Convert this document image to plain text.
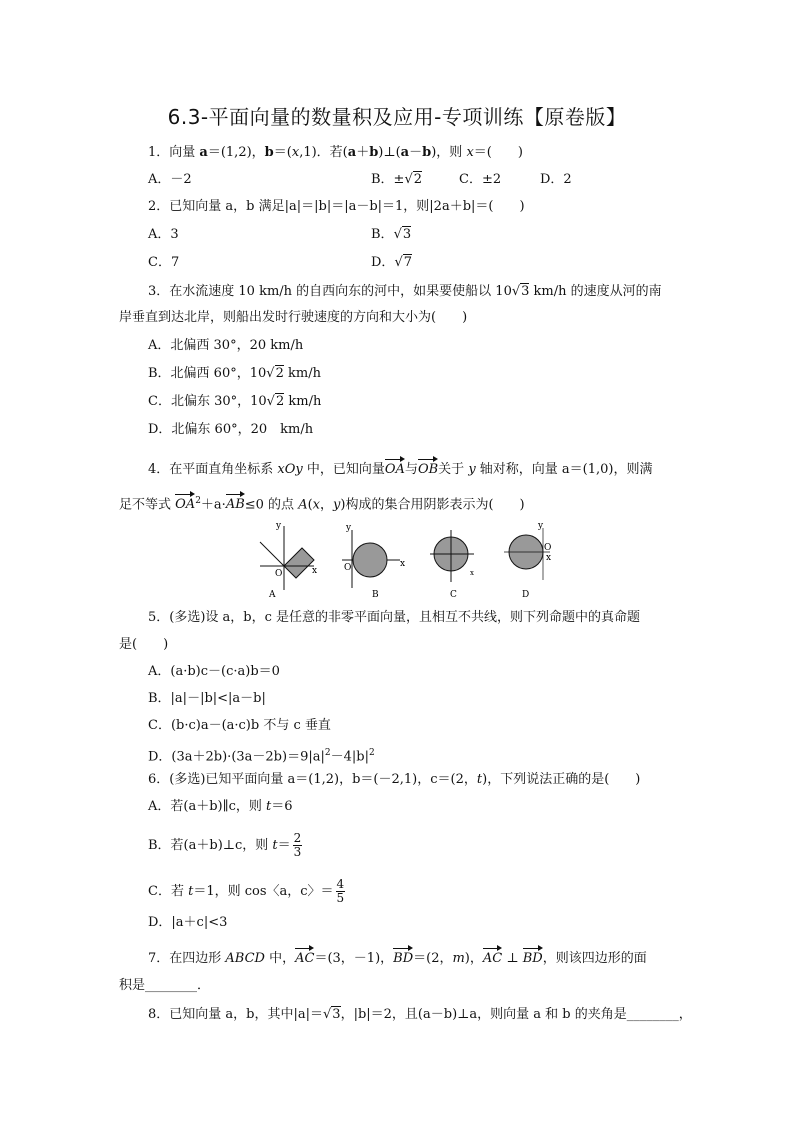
6.3-平面向量的数量积及应用-专项训练【原卷版】
1．向量 a＝(1,2)，b＝(x,1)．若(a＋b)⊥(a－b)，则 x＝(　　)
A．－2	B．±√2	C．±2	D．2
2．已知向量 a，b 满足|a|＝|b|＝|a－b|＝1，则|2a＋b|＝(　　)
A．3	B．√3
C．7	D．√7
3．在水流速度 10 km/h 的自西向东的河中，如果要使船以 10√3 km/h 的速度从河的南
岸垂直到达北岸，则船出发时行驶速度的方向和大小为(　　)
A．北偏西 30°，20 km/h
B．北偏西 60°，10√2 km/h
C．北偏东 30°，10√2 km/h
D．北偏东 60°，20　km/h
4．在平面直角坐标系 xOy 中，已知向量OA与OB关于 y 轴对称，向量 a＝(1,0)，则满
足不等式 $OA^2+a\cdot AB\le 0$ 的点 A(x，y)构成的集合用阴影表示为(　　)
y
x
O
A
y
x
O
B
x
C
y
O
x
D
5．(多选)设 a，b，c 是任意的非零平面向量，且相互不共线，则下列命题中的真命题
是(　　)
A．(a·b)c－(c·a)b＝0
B．|a|－|b|<|a－b|
C．(b·c)a－(a·c)b 不与 c 垂直
D．$(3a+2b)\cdot(3a-2b)=9|a|^2-4|b|^2$
6．(多选)已知平面向量 a＝(1,2)，b＝(－2,1)，c＝(2，t)，下列说法正确的是(　　)
A．若(a＋b)∥c，则 t＝6
B．若(a＋b)⊥c，则 $t= \frac{2}{3}$
C．若 t＝1，则 cos〈a，c〉＝ $\frac{4}{5}$
D．|a＋c|<3
7．在四边形 ABCD 中，AC＝(3，－1)，BD＝(2，m)，AC ⊥ BD，则该四边形的面
积是________．
8．已知向量 a，b，其中|a|＝√3，|b|＝2，且(a－b)⊥a，则向量 a 和 b 的夹角是________，
